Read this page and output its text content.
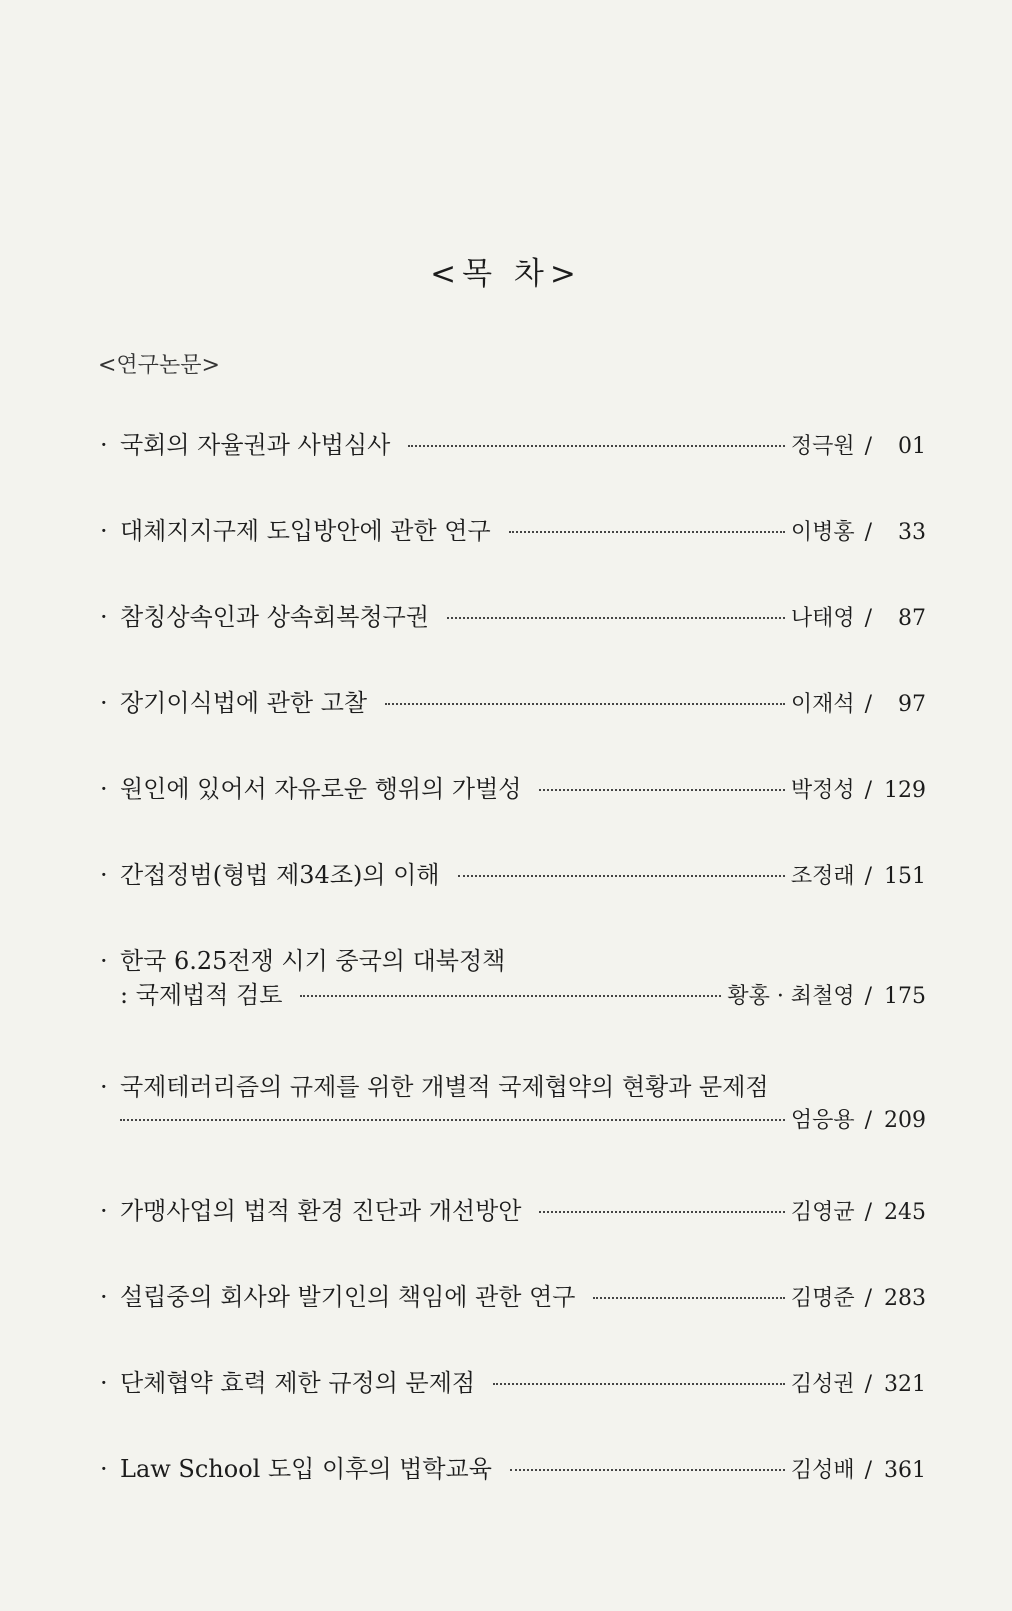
<목 차>
<연구논문>
· 국회의 자율권과 사법심사	정극원 /	01
· 대체지지구제 도입방안에 관한 연구	이병홍 /	33
· 참칭상속인과 상속회복청구권	나태영 /	87
· 장기이식법에 관한 고찰	이재석 /	97
· 원인에 있어서 자유로운 행위의 가벌성	박정성 / 129
· 간접정범(형법 제34조)의 이해	조정래 / 151
· 한국 6.25전쟁 시기 중국의 대북정책
: 국제법적 검토	황홍 · 최철영 / 175
· 국제테러리즘의 규제를 위한 개별적 국제협약의 현황과 문제점
엄응용 / 209
· 가맹사업의 법적 환경 진단과 개선방안	김영균 / 245
· 설립중의 회사와 발기인의 책임에 관한 연구	김명준 / 283
· 단체협약 효력 제한 규정의 문제점	김성권 / 321
· Law School 도입 이후의 법학교육	김성배 / 361
